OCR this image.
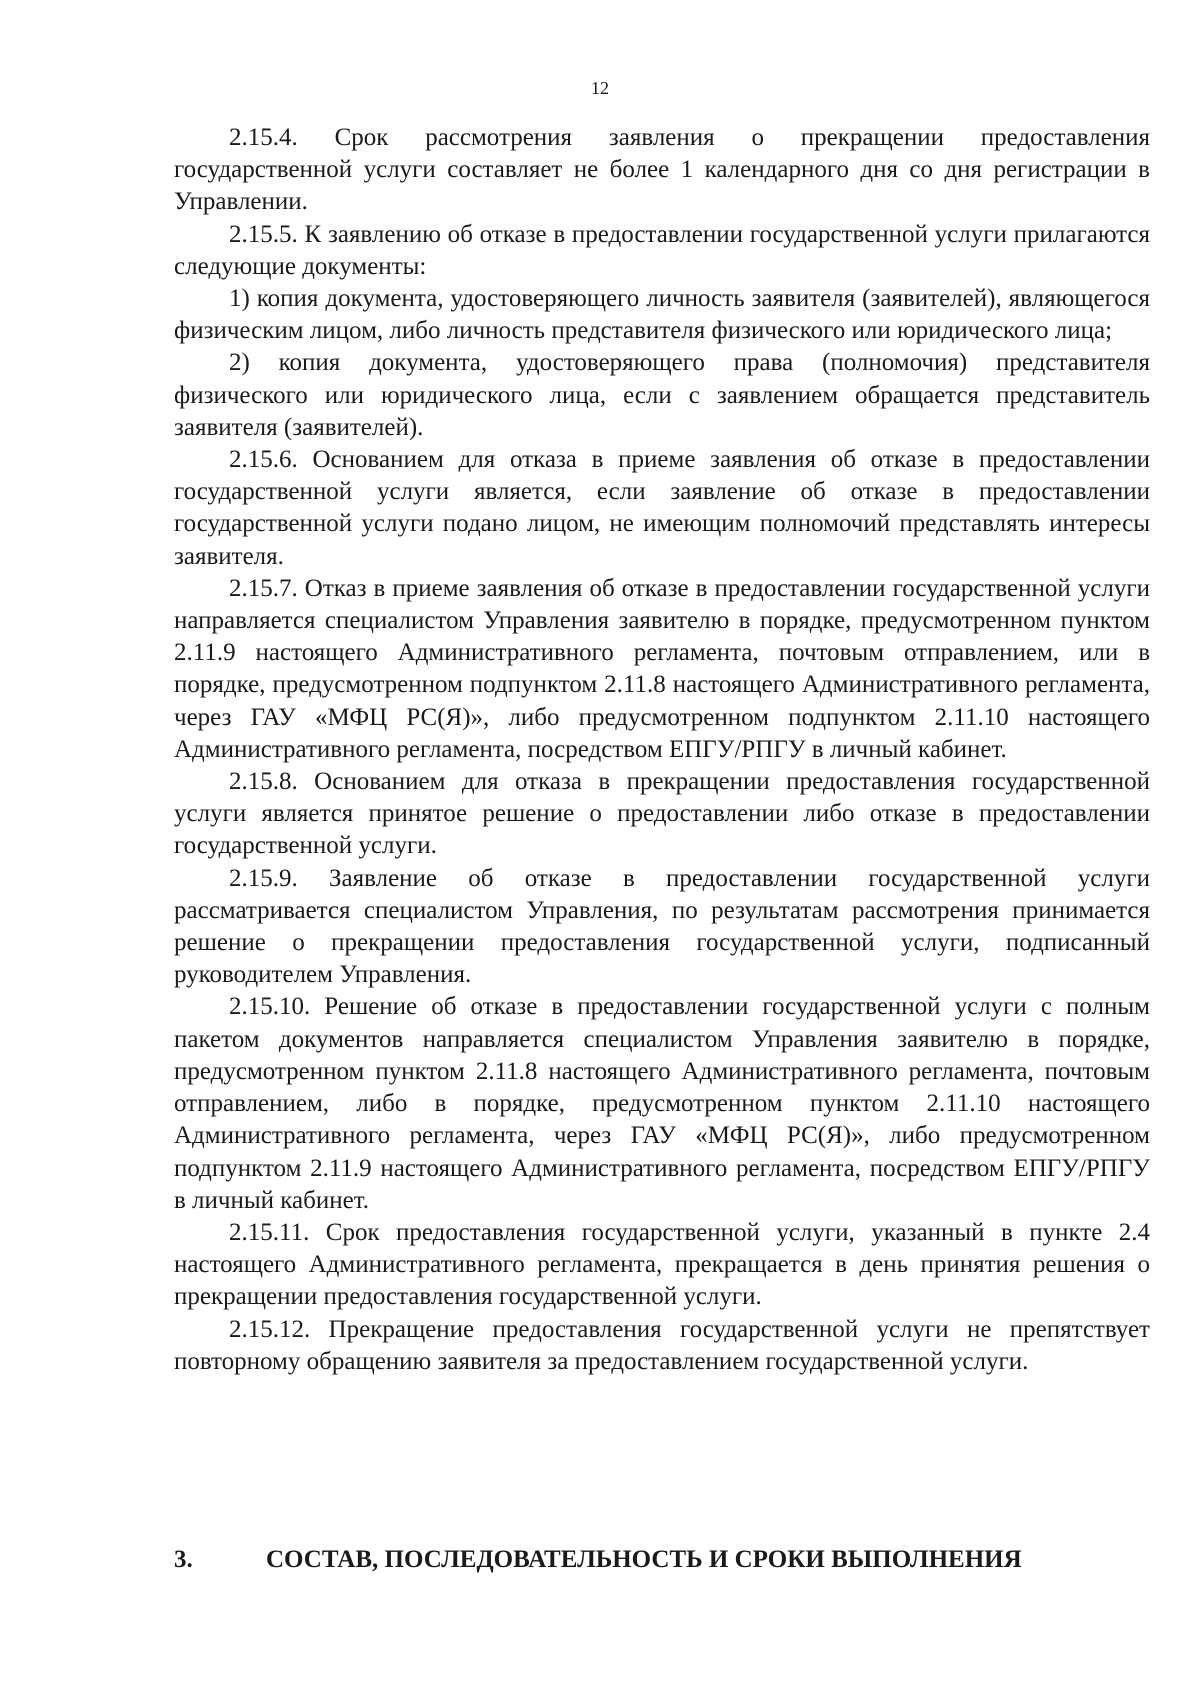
12

2.15.4. Срок рассмотрения заявления о прекращении предоставления государственной услуги составляет не более 1 календарного дня со дня регистрации в Управлении.

2.15.5. К заявлению об отказе в предоставлении государственной услуги прилагаются следующие документы:

1) копия документа, удостоверяющего личность заявителя (заявителей), являющегося физическим лицом, либо личность представителя физического или юридического лица;

2) копия документа, удостоверяющего права (полномочия) представителя физического или юридического лица, если с заявлением обращается представитель заявителя (заявителей).

2.15.6. Основанием для отказа в приеме заявления об отказе в предоставлении государственной услуги является, если заявление об отказе в предоставлении государственной услуги подано лицом, не имеющим полномочий представлять интересы заявителя.

2.15.7. Отказ в приеме заявления об отказе в предоставлении государственной услуги направляется специалистом Управления заявителю в порядке, предусмотренном пунктом 2.11.9 настоящего Административного регламента, почтовым отправлением, или в порядке, предусмотренном подпунктом 2.11.8 настоящего Административного регламента, через ГАУ «МФЦ РС(Я)», либо предусмотренном подпунктом 2.11.10 настоящего Административного регламента, посредством ЕПГУ/РПГУ в личный кабинет.

2.15.8. Основанием для отказа в прекращении предоставления государственной услуги является принятое решение о предоставлении либо отказе в предоставлении государственной услуги.

2.15.9. Заявление об отказе в предоставлении государственной услуги рассматривается специалистом Управления, по результатам рассмотрения принимается решение о прекращении предоставления государственной услуги, подписанный руководителем Управления.

2.15.10. Решение об отказе в предоставлении государственной услуги с полным пакетом документов направляется специалистом Управления заявителю в порядке, предусмотренном пунктом 2.11.8 настоящего Административного регламента, почтовым отправлением, либо в порядке, предусмотренном пунктом 2.11.10 настоящего Административного регламента, через ГАУ «МФЦ РС(Я)», либо предусмотренном подпунктом 2.11.9 настоящего Административного регламента, посредством ЕПГУ/РПГУ в личный кабинет.

2.15.11. Срок предоставления государственной услуги, указанный в пункте 2.4 настоящего Административного регламента, прекращается в день принятия решения о прекращении предоставления государственной услуги.

2.15.12. Прекращение предоставления государственной услуги не препятствует повторному обращению заявителя за предоставлением государственной услуги.

3.	СОСТАВ, ПОСЛЕДОВАТЕЛЬНОСТЬ И СРОКИ ВЫПОЛНЕНИЯ
